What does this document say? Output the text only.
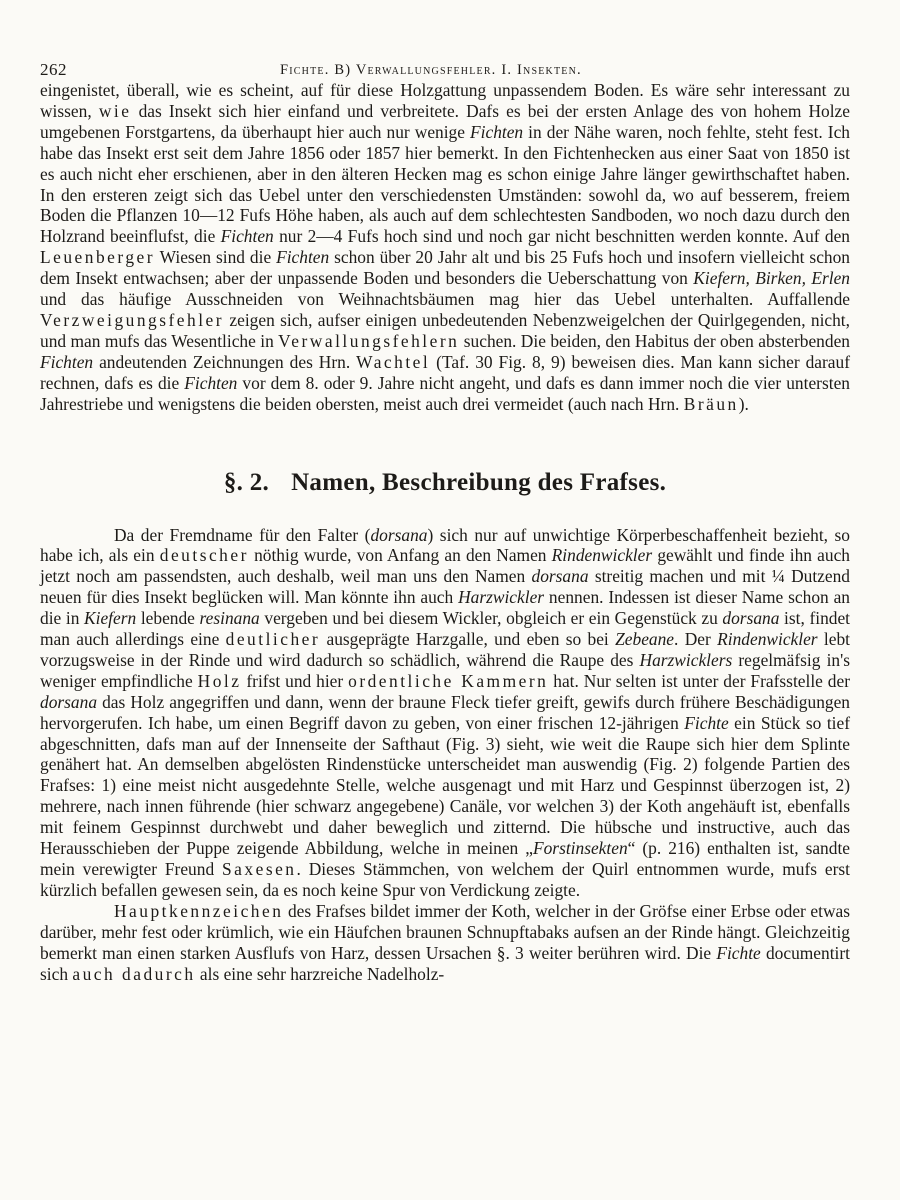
262	Fichte. B) Verwallungsfehler. I. Insekten.

eingenistet, überall, wie es scheint, auf für diese Holzgattung unpassendem Boden. Es wäre sehr interessant zu wissen, wie das Insekt sich hier einfand und verbreitete. Dafs es bei der ersten Anlage des von hohem Holze umgebenen Forstgartens, da überhaupt hier auch nur wenige Fichten in der Nähe waren, noch fehlte, steht fest. Ich habe das Insekt erst seit dem Jahre 1856 oder 1857 hier bemerkt. In den Fichtenhecken aus einer Saat von 1850 ist es auch nicht eher erschienen, aber in den älteren Hecken mag es schon einige Jahre länger gewirthschaftet haben. In den ersteren zeigt sich das Uebel unter den verschiedensten Umständen: sowohl da, wo auf besserem, freiem Boden die Pflanzen 10—12 Fufs Höhe haben, als auch auf dem schlechtesten Sandboden, wo noch dazu durch den Holzrand beeinflufst, die Fichten nur 2—4 Fufs hoch sind und noch gar nicht beschnitten werden konnte. Auf den Leuenberger Wiesen sind die Fichten schon über 20 Jahr alt und bis 25 Fufs hoch und insofern vielleicht schon dem Insekt entwachsen; aber der unpassende Boden und besonders die Ueberschattung von Kiefern, Birken, Erlen und das häufige Ausschneiden von Weihnachtsbäumen mag hier das Uebel unterhalten. Auffallende Verzweigungsfehler zeigen sich, aufser einigen unbedeutenden Nebenzweigelchen der Quirlgegenden, nicht, und man mufs das Wesentliche in Verwallungsfehlern suchen. Die beiden, den Habitus der oben absterbenden Fichten andeutenden Zeichnungen des Hrn. Wachtel (Taf. 30 Fig. 8, 9) beweisen dies. Man kann sicher darauf rechnen, dafs es die Fichten vor dem 8. oder 9. Jahre nicht angeht, und dafs es dann immer noch die vier untersten Jahrestriebe und wenigstens die beiden obersten, meist auch drei vermeidet (auch nach Hrn. Bräun).

§. 2. Namen, Beschreibung des Frafses.

Da der Fremdname für den Falter (dorsana) sich nur auf unwichtige Körperbeschaffenheit bezieht, so habe ich, als ein deutscher nöthig wurde, von Anfang an den Namen Rindenwickler gewählt und finde ihn auch jetzt noch am passendsten, auch deshalb, weil man uns den Namen dorsana streitig machen und mit ¼ Dutzend neuen für dies Insekt beglücken will. Man könnte ihn auch Harzwickler nennen. Indessen ist dieser Name schon an die in Kiefern lebende resinana vergeben und bei diesem Wickler, obgleich er ein Gegenstück zu dorsana ist, findet man auch allerdings eine deutlicher ausgeprägte Harzgalle, und eben so bei Zebeane. Der Rindenwickler lebt vorzugsweise in der Rinde und wird dadurch so schädlich, während die Raupe des Harzwicklers regelmäfsig in's weniger empfindliche Holz frifst und hier ordentliche Kammern hat. Nur selten ist unter der Frafsstelle der dorsana das Holz angegriffen und dann, wenn der braune Fleck tiefer greift, gewifs durch frühere Beschädigungen hervorgerufen. Ich habe, um einen Begriff davon zu geben, von einer frischen 12-jährigen Fichte ein Stück so tief abgeschnitten, dafs man auf der Innenseite der Safthaut (Fig. 3) sieht, wie weit die Raupe sich hier dem Splinte genähert hat. An demselben abgelösten Rindenstücke unterscheidet man auswendig (Fig. 2) folgende Partien des Frafses: 1) eine meist nicht ausgedehnte Stelle, welche ausgenagt und mit Harz und Gespinnst überzogen ist, 2) mehrere, nach innen führende (hier schwarz angegebene) Canäle, vor welchen 3) der Koth angehäuft ist, ebenfalls mit feinem Gespinnst durchwebt und daher beweglich und zitternd. Die hübsche und instructive, auch das Herausschieben der Puppe zeigende Abbildung, welche in meinen „Forstinsekten“ (p. 216) enthalten ist, sandte mein verewigter Freund Saxesen. Dieses Stämmchen, von welchem der Quirl entnommen wurde, mufs erst kürzlich befallen gewesen sein, da es noch keine Spur von Verdickung zeigte.

Hauptkennzeichen des Frafses bildet immer der Koth, welcher in der Gröfse einer Erbse oder etwas darüber, mehr fest oder krümlich, wie ein Häufchen braunen Schnupftabaks aufsen an der Rinde hängt. Gleichzeitig bemerkt man einen starken Ausflufs von Harz, dessen Ursachen §. 3 weiter berühren wird. Die Fichte documentirt sich auch dadurch als eine sehr harzreiche Nadelholz-
